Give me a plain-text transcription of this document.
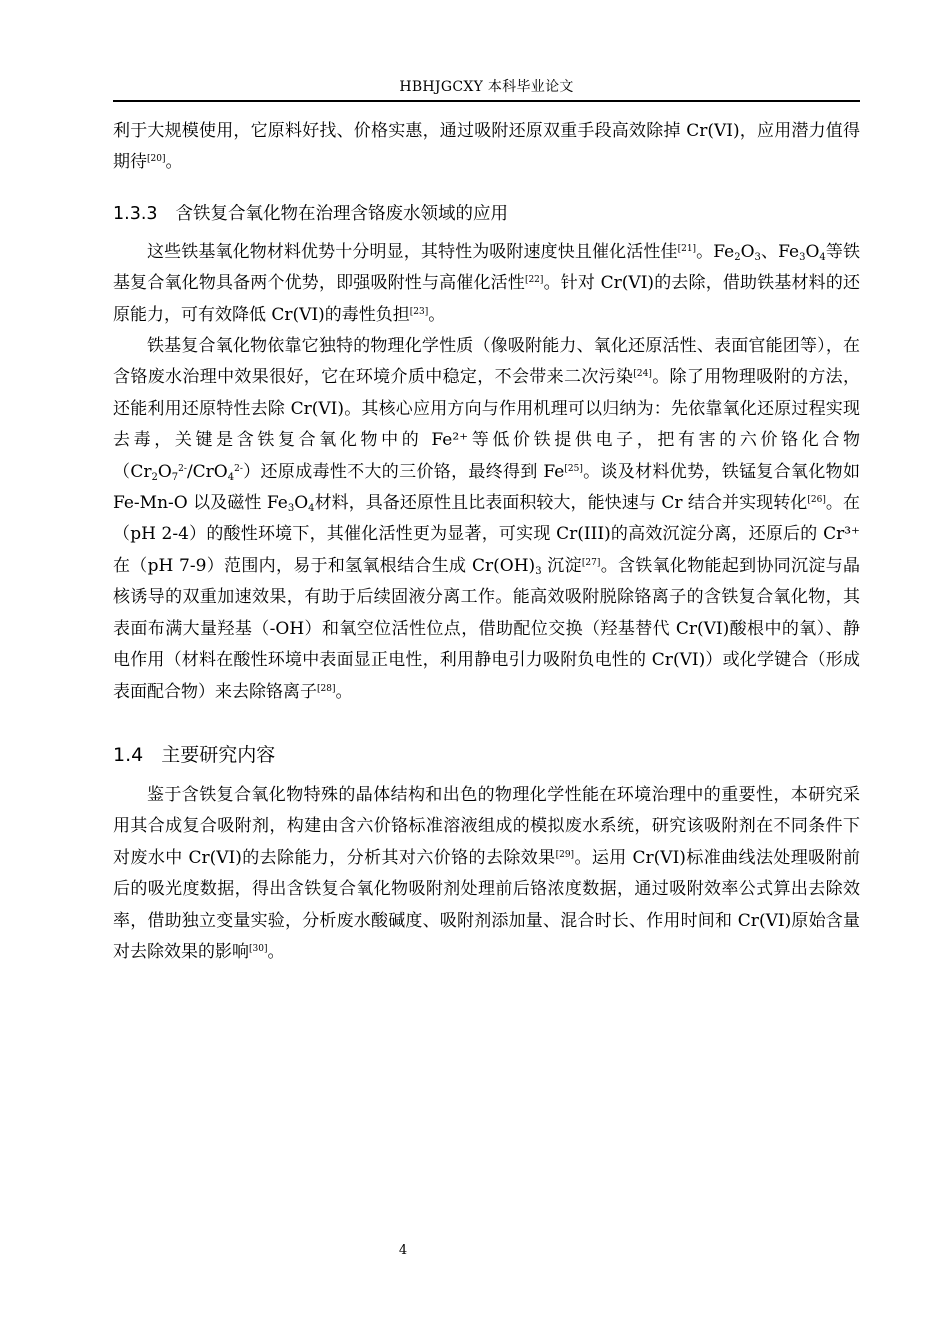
HBHJGCXY 本科毕业论文

利于大规模使用，它原料好找、价格实惠，通过吸附还原双重手段高效除掉 Cr(VI)，应用潜力值得期待[20]。

1.3.3 含铁复合氧化物在治理含铬废水领域的应用

这些铁基氧化物材料优势十分明显，其特性为吸附速度快且催化活性佳[21]。$Fe_2O_3$、$Fe_3O_4$等铁基复合氧化物具备两个优势，即强吸附性与高催化活性[22]。针对 Cr(VI)的去除，借助铁基材料的还原能力，可有效降低 Cr(VI)的毒性负担[23]。

铁基复合氧化物依靠它独特的物理化学性质（像吸附能力、氧化还原活性、表面官能团等），在含铬废水治理中效果很好，它在环境介质中稳定，不会带来二次污染[24]。除了用物理吸附的方法，还能利用还原特性去除 Cr(VI)。其核心应用方向与作用机理可以归纳为：先依靠氧化还原过程实现去毒，关键是含铁复合氧化物中的 Fe²⁺等低价铁提供电子，把有害的六价铬化合物$(Cr_2O_7^{2-}/CrO_4^{2-})$还原成毒性不大的三价铬，最终得到 Fe[25]。谈及材料优势，铁锰复合氧化物如 Fe-Mn-O 以及磁性 $Fe_3O_4$材料，具备还原性且比表面积较大，能快速与 Cr 结合并实现转化[26]。在（pH 2-4）的酸性环境下，其催化活性更为显著，可实现 Cr(III)的高效沉淀分离，还原后的 Cr³⁺在（pH 7-9）范围内，易于和氢氧根结合生成 $Cr(OH)_3$ 沉淀[27]。含铁氧化物能起到协同沉淀与晶核诱导的双重加速效果，有助于后续固液分离工作。能高效吸附脱除铬离子的含铁复合氧化物，其表面布满大量羟基（-OH）和氧空位活性位点，借助配位交换（羟基替代 Cr(VI)酸根中的氧）、静电作用（材料在酸性环境中表面显正电性，利用静电引力吸附负电性的 Cr(VI)）或化学键合（形成表面配合物）来去除铬离子[28]。

1.4 主要研究内容

鉴于含铁复合氧化物特殊的晶体结构和出色的物理化学性能在环境治理中的重要性，本研究采用其合成复合吸附剂，构建由含六价铬标准溶液组成的模拟废水系统，研究该吸附剂在不同条件下对废水中 Cr(VI)的去除能力，分析其对六价铬的去除效果[29]。运用 Cr(VI)标准曲线法处理吸附前后的吸光度数据，得出含铁复合氧化物吸附剂处理前后铬浓度数据，通过吸附效率公式算出去除效率，借助独立变量实验，分析废水酸碱度、吸附剂添加量、混合时长、作用时间和 Cr(VI)原始含量对去除效果的影响[30]。

4
